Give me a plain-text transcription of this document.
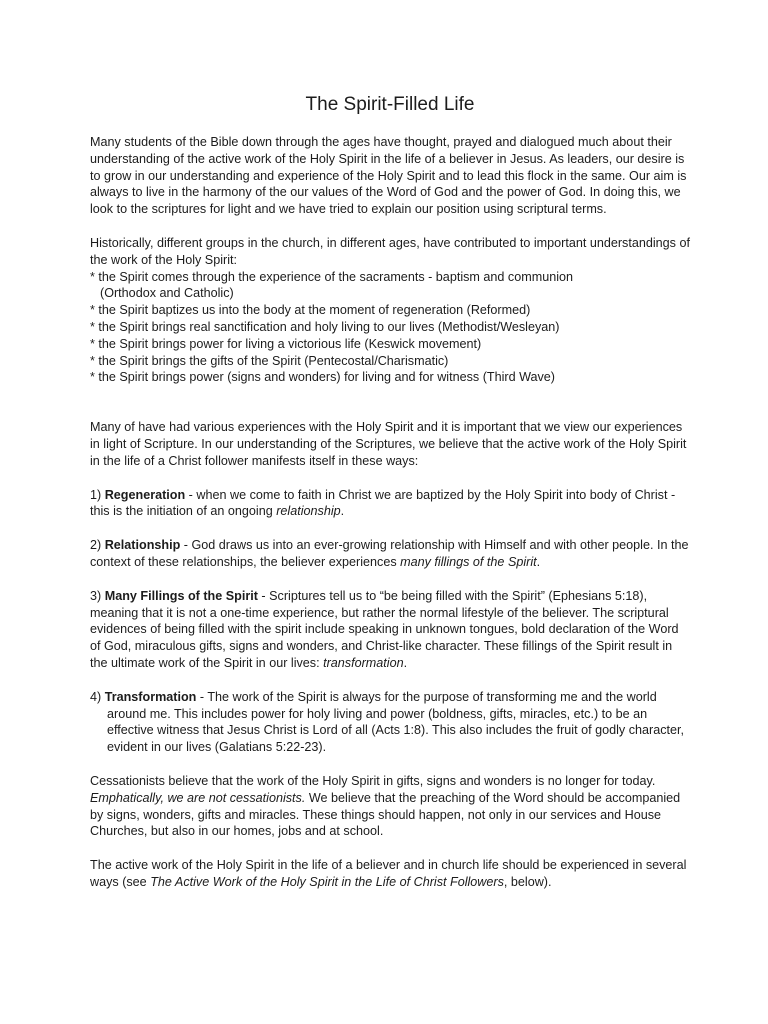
The Spirit-Filled Life

Many students of the Bible down through the ages have thought, prayed and dialogued much about their understanding of the active work of the Holy Spirit in the life of a believer in Jesus. As leaders, our desire is to grow in our understanding and experience of the Holy Spirit and to lead this flock in the same. Our aim is always to live in the harmony of the our values of the Word of God and the power of God. In doing this, we look to the scriptures for light and we have tried to explain our position using scriptural terms.

Historically, different groups in the church, in different ages, have contributed to important understandings of the work of the Holy Spirit:

* the Spirit comes through the experience of the sacraments - baptism and communion

(Orthodox and Catholic)

* the Spirit baptizes us into the body at the moment of regeneration (Reformed)

* the Spirit brings real sanctification and holy living to our lives (Methodist/Wesleyan)

* the Spirit brings power for living a victorious life (Keswick movement)

* the Spirit brings the gifts of the Spirit (Pentecostal/Charismatic)

* the Spirit brings power (signs and wonders) for living and for witness (Third Wave)

Many of have had various experiences with the Holy Spirit and it is important that we view our experiences in light of Scripture. In our understanding of the Scriptures, we believe that the active work of the Holy Spirit in the life of a Christ follower manifests itself in these ways:

1) Regeneration - when we come to faith in Christ we are baptized by the Holy Spirit into body of Christ - this is the initiation of an ongoing relationship.

2) Relationship - God draws us into an ever-growing relationship with Himself and with other people. In the context of these relationships, the believer experiences many fillings of the Spirit.

3) Many Fillings of the Spirit - Scriptures tell us to “be being filled with the Spirit” (Ephesians 5:18), meaning that it is not a one-time experience, but rather the normal lifestyle of the believer. The scriptural evidences of being filled with the spirit include speaking in unknown tongues, bold declaration of the Word of God, miraculous gifts, signs and wonders, and Christ-like character. These fillings of the Spirit result in the ultimate work of the Spirit in our lives: transformation.

4) Transformation - The work of the Spirit is always for the purpose of transforming me and the world around me. This includes power for holy living and power (boldness, gifts, miracles, etc.) to be an effective witness that Jesus Christ is Lord of all (Acts 1:8). This also includes the fruit of godly character, evident in our lives (Galatians 5:22-23).

Cessationists believe that the work of the Holy Spirit in gifts, signs and wonders is no longer for today. Emphatically, we are not cessationists. We believe that the preaching of the Word should be accompanied by signs, wonders, gifts and miracles. These things should happen, not only in our services and House Churches, but also in our homes, jobs and at school.

The active work of the Holy Spirit in the life of a believer and in church life should be experienced in several ways (see The Active Work of the Holy Spirit in the Life of Christ Followers, below).
